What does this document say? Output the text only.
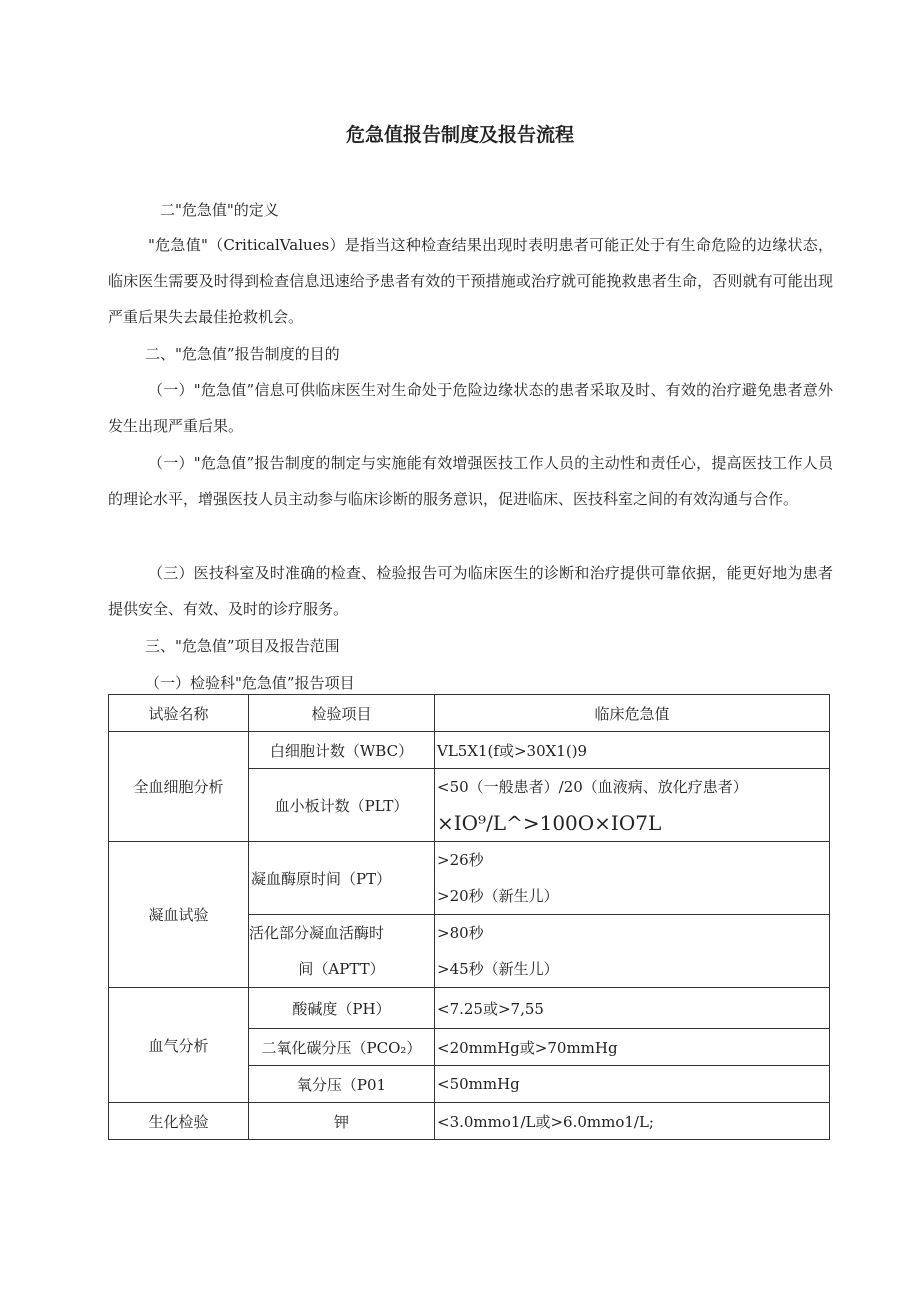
危急值报告制度及报告流程
二"危急值"的定义
"危急值"（CriticalValues）是指当这种检查结果出现时表明患者可能正处于有生命危险的边缘状态，临床医生需要及时得到检查信息迅速给予患者有效的干预措施或治疗就可能挽救患者生命，否则就有可能出现严重后果失去最佳抢救机会。
二、"危急值”报告制度的目的
（一）"危急值”信息可供临床医生对生命处于危险边缘状态的患者采取及时、有效的治疗避免患者意外发生出现严重后果。
（一）"危急值”报告制度的制定与实施能有效增强医技工作人员的主动性和责任心，提高医技工作人员的理论水平，增强医技人员主动参与临床诊断的服务意识，促进临床、医技科室之间的有效沟通与合作。
（三）医技科室及时准确的检查、检验报告可为临床医生的诊断和治疗提供可靠依据，能更好地为患者提供安全、有效、及时的诊疗服务。
三、"危急值”项目及报告范围
（一）检验科"危急值”报告项目
试验名称	检验项目	临床危急值
全血细胞分析	白细胞计数（WBC）	VL5X1(f或>30X1()9
	血小板计数（PLT）	<50（一般患者）/20（血液病、放化疗患者）
×IO⁹/L^>100O×IO7L

凝血试验	凝血酶原时间（PT）	>26秒
>20秒（新生儿）

	活化部分凝血活酶时
间（APTT）	>80秒
>45秒（新生儿）

血气分析	酸碱度（PH）	<7.25或>7,55
	二氧化碳分压（PCO₂）	<20mmHg或>70mmHg
	氧分压（P01	<50mmHg
生化检验	钾	<3.0mmo1/L或>6.0mmo1/L;
